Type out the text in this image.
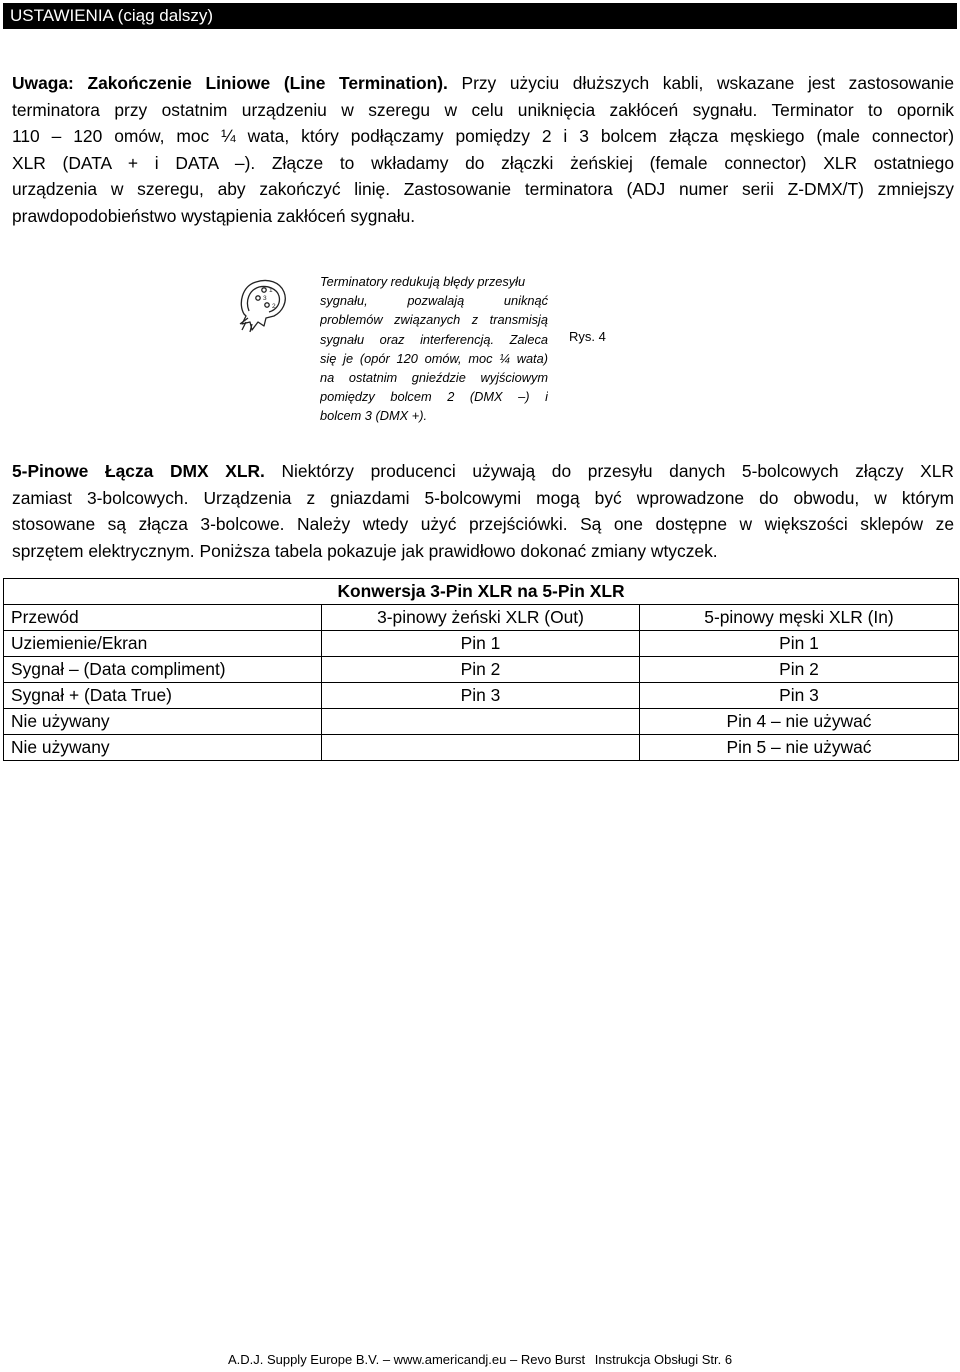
USTAWIENIA (ciąg dalszy)
Uwaga: Zakończenie Liniowe (Line Termination). Przy użyciu dłuższych kabli, wskazane jest zastosowanie
terminatora przy ostatnim urządzeniu w szeregu w celu uniknięcia zakłóceń sygnału. Terminator to opornik
110 – 120 omów, moc ¼ wata, który podłączamy pomiędzy 2 i 3 bolcem złącza męskiego (male connector)
XLR (DATA + i DATA –). Złącze to wkładamy do złączki żeńskiej (female connector) XLR ostatniego
urządzenia w szeregu, aby zakończyć linię. Zastosowanie terminatora (ADJ numer serii Z-DMX/T) zmniejszy
prawdopodobieństwo wystąpienia zakłóceń sygnału.
1
3
2
Terminatory redukują błędy przesyłu
sygnału, pozwalają uniknąć
problemów związanych z transmisją
sygnału oraz interferencją. Zaleca
się je (opór 120 omów, moc ¼ wata)
na ostatnim gnieździe wyjściowym
pomiędzy bolcem 2 (DMX –) i
bolcem 3 (DMX +).
Rys. 4
5-Pinowe Łącza DMX XLR. Niektórzy producenci używają do przesyłu danych 5-bolcowych złączy XLR
zamiast 3-bolcowych. Urządzenia z gniazdami 5-bolcowymi mogą być wprowadzone do obwodu, w którym
stosowane są złącza 3-bolcowe. Należy wtedy użyć przejściówki. Są one dostępne w większości sklepów ze
sprzętem elektrycznym. Poniższa tabela pokazuje jak prawidłowo dokonać zmiany wtyczek.
Konwersja 3-Pin XLR na 5-Pin XLR		
Przewód	3-pinowy żeński XLR (Out)	5-pinowy męski XLR (In)
Uziemienie/Ekran	Pin 1	Pin 1
Sygnał – (Data compliment)	Pin 2	Pin 2
Sygnał + (Data True)	Pin 3	Pin 3
Nie używany		Pin 4 – nie używać
Nie używany		Pin 5 – nie używać
A.D.J. Supply Europe B.V. – www.americandj.eu – Revo Burst Instrukcja Obsługi Str. 6
